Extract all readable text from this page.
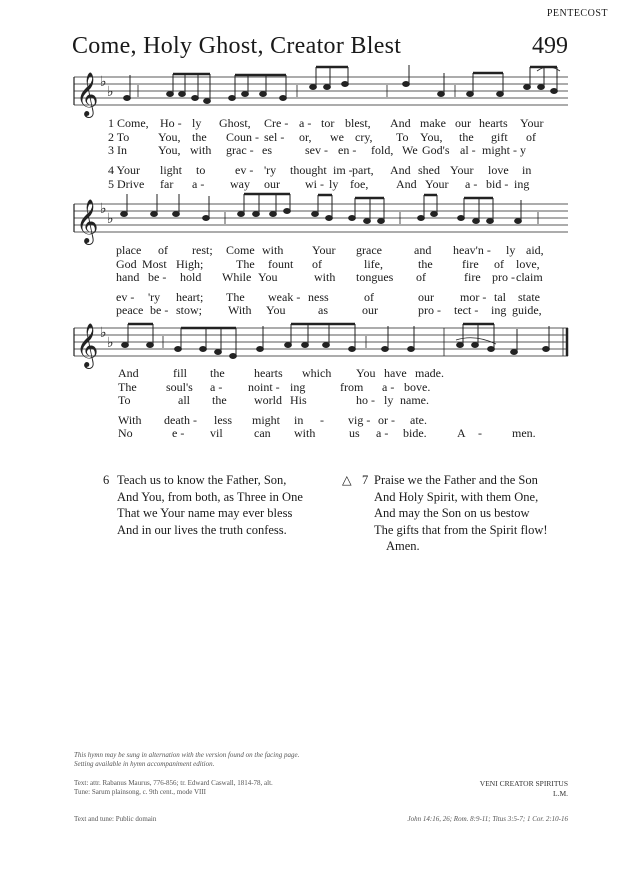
PENTECOST
Come, Holy Ghost, Creator Blest	499
𝄞 ♭
♭
𝄞 ♭
♭
𝄞 ♭
♭
1 Come, Ho - ly Ghost, Cre - a - tor blest, And make our hearts Your
2 To You, the Coun - sel - or, we cry, To You, the gift of
3 In	You, with grac - es	sev - en - fold, We God's al - might - y
4 Your light to ev - 'ry thought im - part, And shed Your love in
5 Drive far a - way our wi - ly foe, And Your a - bid - ing
place of rest; Come with Your grace	and heav'n - ly aid,
God Most High;	The fount of	life,	the fire of love,
hand be - hold While You	with tongues of	fire pro - claim
ev - 'ry heart; The weak - ness	of	our mor - tal state
peace be - stow; With You	as	our	pro - tect - ing guide,
And	fill the hearts which You have made.
The soul's a - noint - ing	from a - bove.
To	all the world His	ho - ly name.
With death - less might in - vig - or - ate.
No	e - vil	can with	us a - bide.	A -	men.
6 Teach us to know the Father, Son,
And You, from both, as Three in One
That we Your name may ever bless
And in our lives the truth confess.
△ 7 Praise we the Father and the Son
And Holy Spirit, with them One,
And may the Son on us bestow
The gifts that from the Spirit flow!
Amen.
This hymn may be sung in alternation with the version found on the facing page.
Setting available in hymn accompaniment edition.
Text: attr. Rabanus Maurus, 776-856; tr. Edward Caswall, 1814-78, alt.
Tune: Sarum plainsong, c. 9th cent., mode VIII
VENI CREATOR SPIRITUS
L.M.
Text and tune: Public domain	John 14:16, 26; Rom. 8:9-11; Titus 3:5-7; 1 Cor. 2:10-16
